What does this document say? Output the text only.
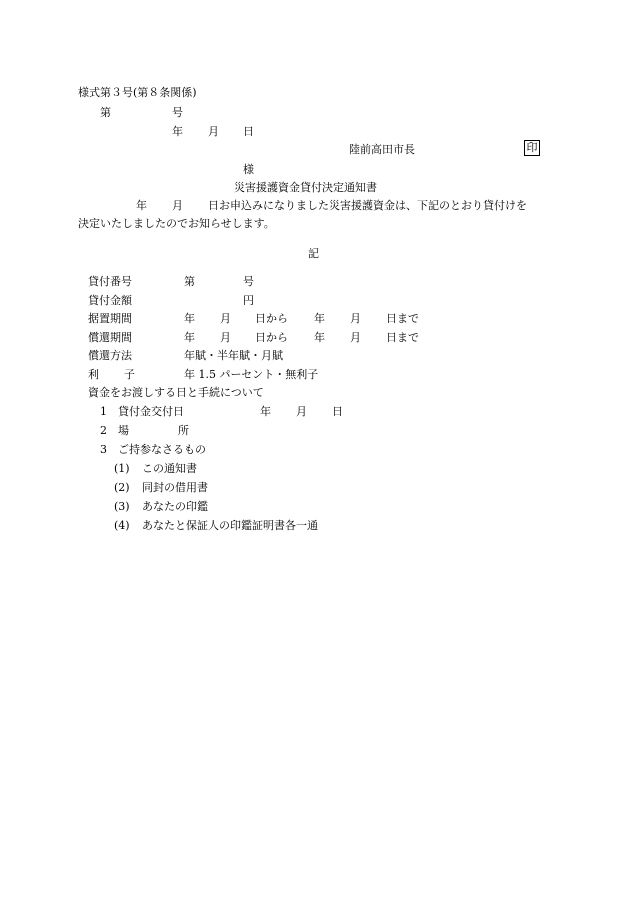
様式第３号(第８条関係)
第	号
年 月 日
陸前高田市長	印
様
災害援護資金貸付決定通知書
年 月 日お申込みになりました災害援護資金は、下記のとおり貸付けを
決定いたしましたのでお知らせします。
記
貸付番号	第	号
貸付金額	円
据置期間	年 月 日から 年 月 日まで
償還期間	年 月 日から 年 月 日まで
償還方法	年賦・半年賦・月賦
利 子	年 1.5 パーセント・無利子
資金をお渡しする日と手続について
1 貸付金交付日	年 月 日
2 場	所
3 ご持参なさるもの
(1) この通知書
(2) 同封の借用書
(3) あなたの印鑑
(4) あなたと保証人の印鑑証明書各一通
